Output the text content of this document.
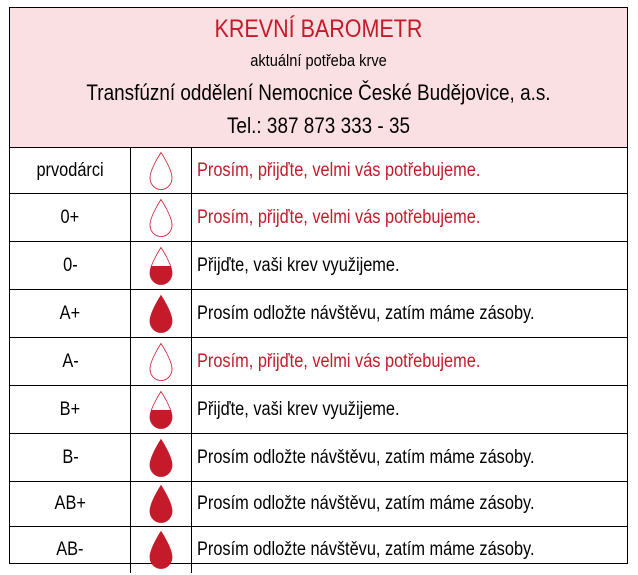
KREVNÍ BAROMETR
aktuální potřeba krve
Transfúzní oddělení Nemocnice České Budějovice, a.s.
Tel.: 387 873 333 - 35
prvodárci	Prosím, přijďte, velmi vás potřebujeme.
0+	Prosím, přijďte, velmi vás potřebujeme.
0-	Přijďte, vaši krev využijeme.
A+	Prosím odložte návštěvu, zatím máme zásoby.
A-	Prosím, přijďte, velmi vás potřebujeme.
B+	Přijďte, vaši krev využijeme.
B-	Prosím odložte návštěvu, zatím máme zásoby.
AB+	Prosím odložte návštěvu, zatím máme zásoby.
AB-	Prosím odložte návštěvu, zatím máme zásoby.
